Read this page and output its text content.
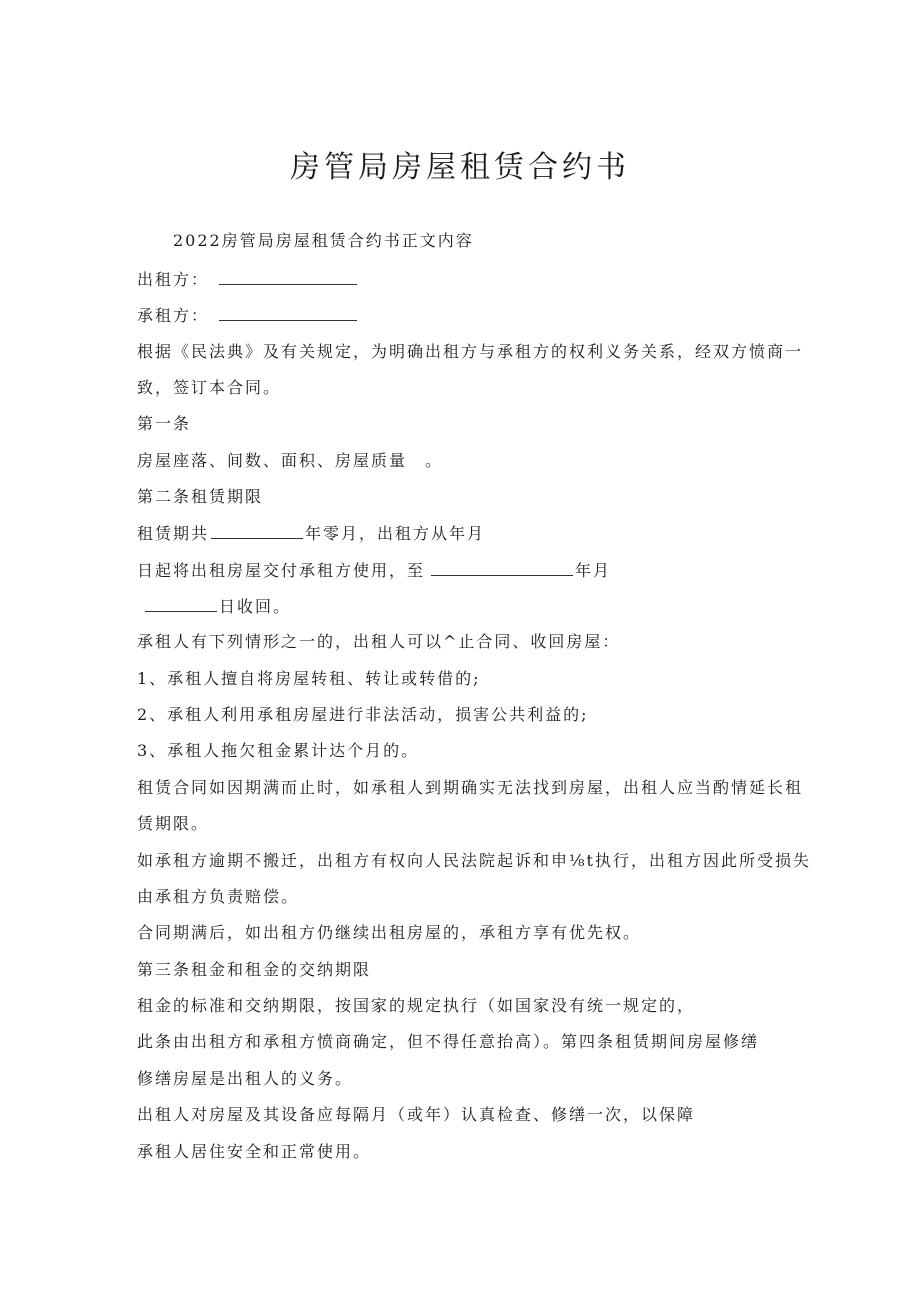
房管局房屋租赁合约书
2022房管局房屋租赁合约书正文内容
出租方：
承租方：
根据《民法典》及有关规定，为明确出租方与承租方的权利义务关系，经双方愤商一
致，签订本合同。
第一条
房屋座落、间数、面积、房屋质量　。
第二条租赁期限
租赁期共	年零月，出租方从年月
日起将出租房屋交付承租方使用，至	年月
日收回。
承租人有下列情形之一的，出租人可以^止合同、收回房屋：
1、承租人擅自将房屋转租、转让或转借的;
2、承租人利用承租房屋进行非法活动，损害公共利益的;
3、承租人拖欠租金累计达个月的。
租赁合同如因期满而止时，如承租人到期确实无法找到房屋，出租人应当酌情延长租
赁期限。
如承租方逾期不搬迁，出租方有权向人民法院起诉和申⅛t执行，出租方因此所受损失
由承租方负责赔偿。
合同期满后，如出租方仍继续出租房屋的，承租方享有优先权。
第三条租金和租金的交纳期限
租金的标准和交纳期限，按国家的规定执行（如国家没有统一规定的，
此条由出租方和承租方愤商确定，但不得任意抬高）。第四条租赁期间房屋修缮
修缮房屋是出租人的义务。
出租人对房屋及其设备应每隔月（或年）认真检查、修缮一次，以保障
承租人居住安全和正常使用。
